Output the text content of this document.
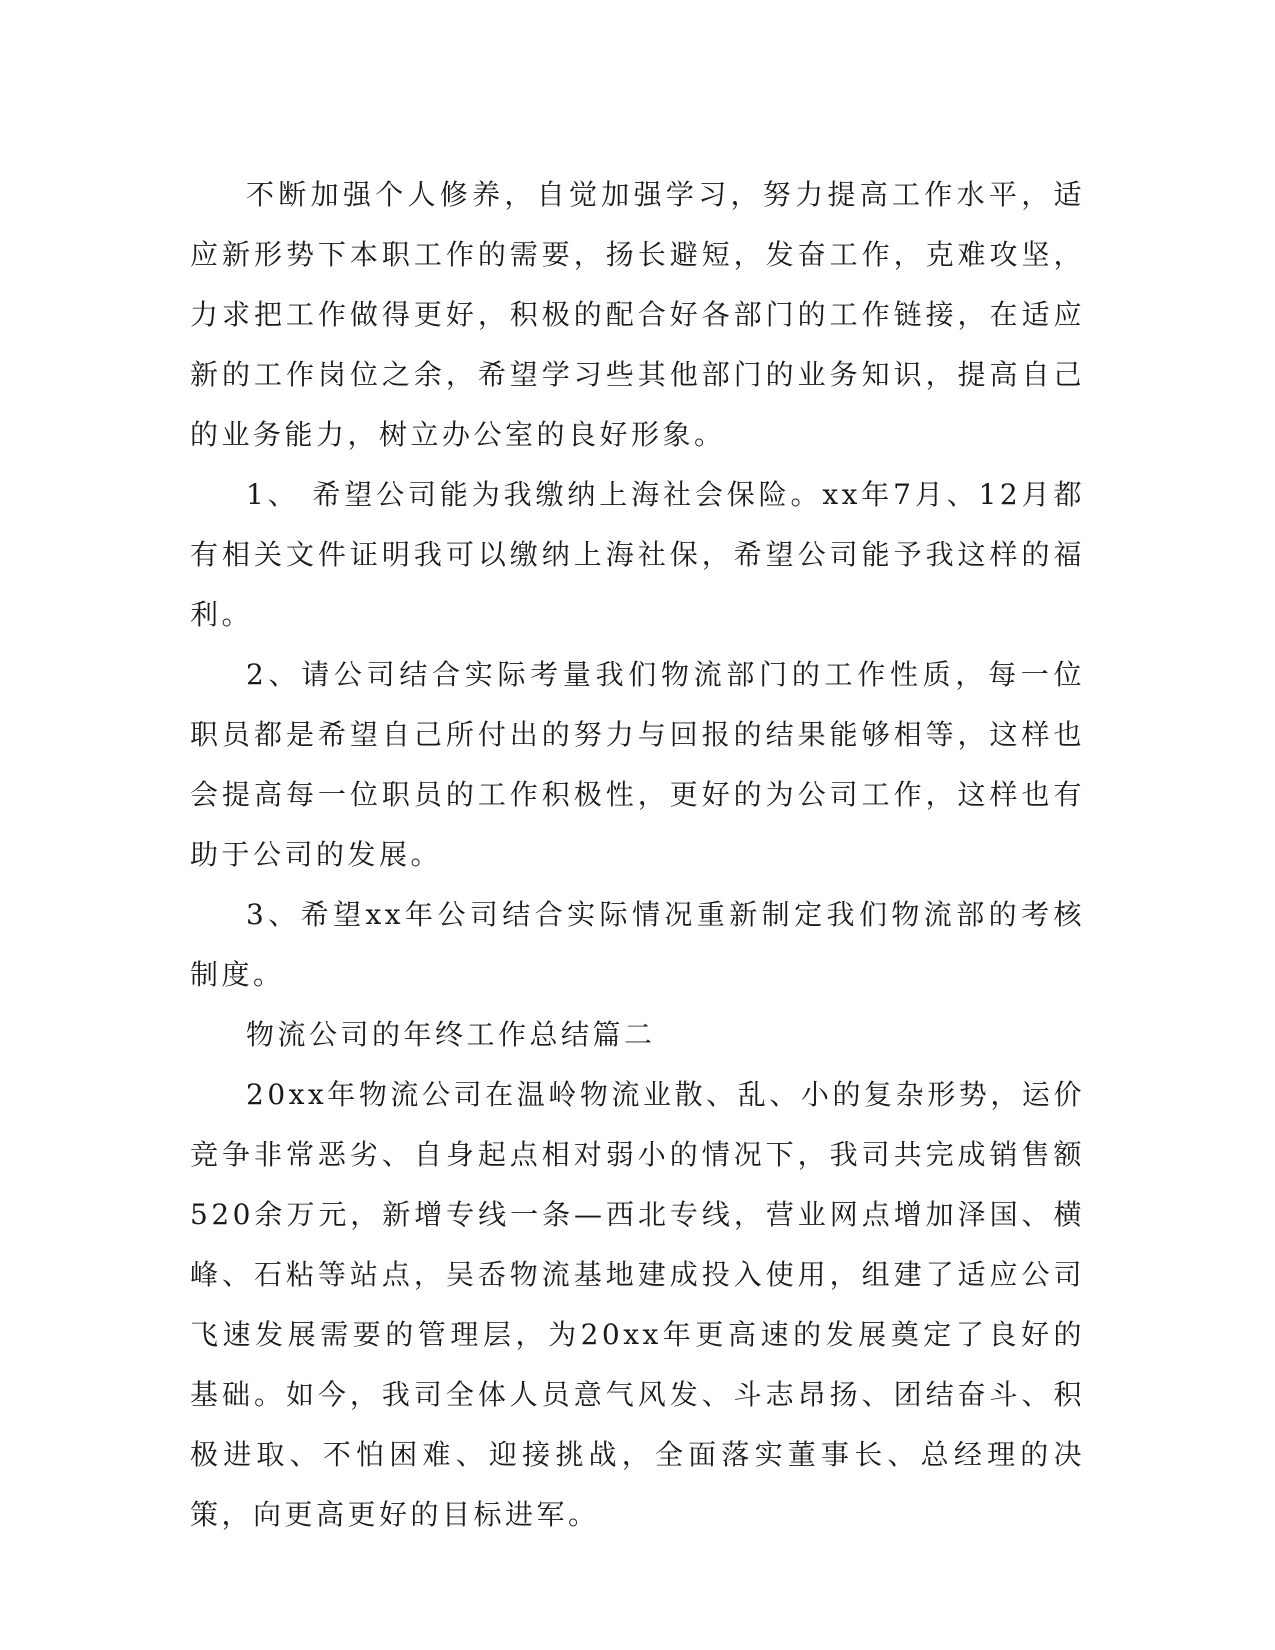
不断加强个人修养，自觉加强学习，努力提高工作水平，适应新形势下本职工作的需要，扬长避短，发奋工作，克难攻坚，力求把工作做得更好，积极的配合好各部门的工作链接，在适应新的工作岗位之余，希望学习些其他部门的业务知识，提高自己的业务能力，树立办公室的良好形象。

1、 希望公司能为我缴纳上海社会保险。xx年7月、12月都有相关文件证明我可以缴纳上海社保，希望公司能予我这样的福利。

2、请公司结合实际考量我们物流部门的工作性质，每一位职员都是希望自己所付出的努力与回报的结果能够相等，这样也会提高每一位职员的工作积极性，更好的为公司工作，这样也有助于公司的发展。

3、希望xx年公司结合实际情况重新制定我们物流部的考核制度。

物流公司的年终工作总结篇二

20xx年物流公司在温岭物流业散、乱、小的复杂形势，运价竞争非常恶劣、自身起点相对弱小的情况下，我司共完成销售额520余万元，新增专线一条—西北专线，营业网点增加泽国、横峰、石粘等站点，吴岙物流基地建成投入使用，组建了适应公司飞速发展需要的管理层，为20xx年更高速的发展奠定了良好的基础。如今，我司全体人员意气风发、斗志昂扬、团结奋斗、积极进取、不怕困难、迎接挑战，全面落实董事长、总经理的决策，向更高更好的目标进军。
